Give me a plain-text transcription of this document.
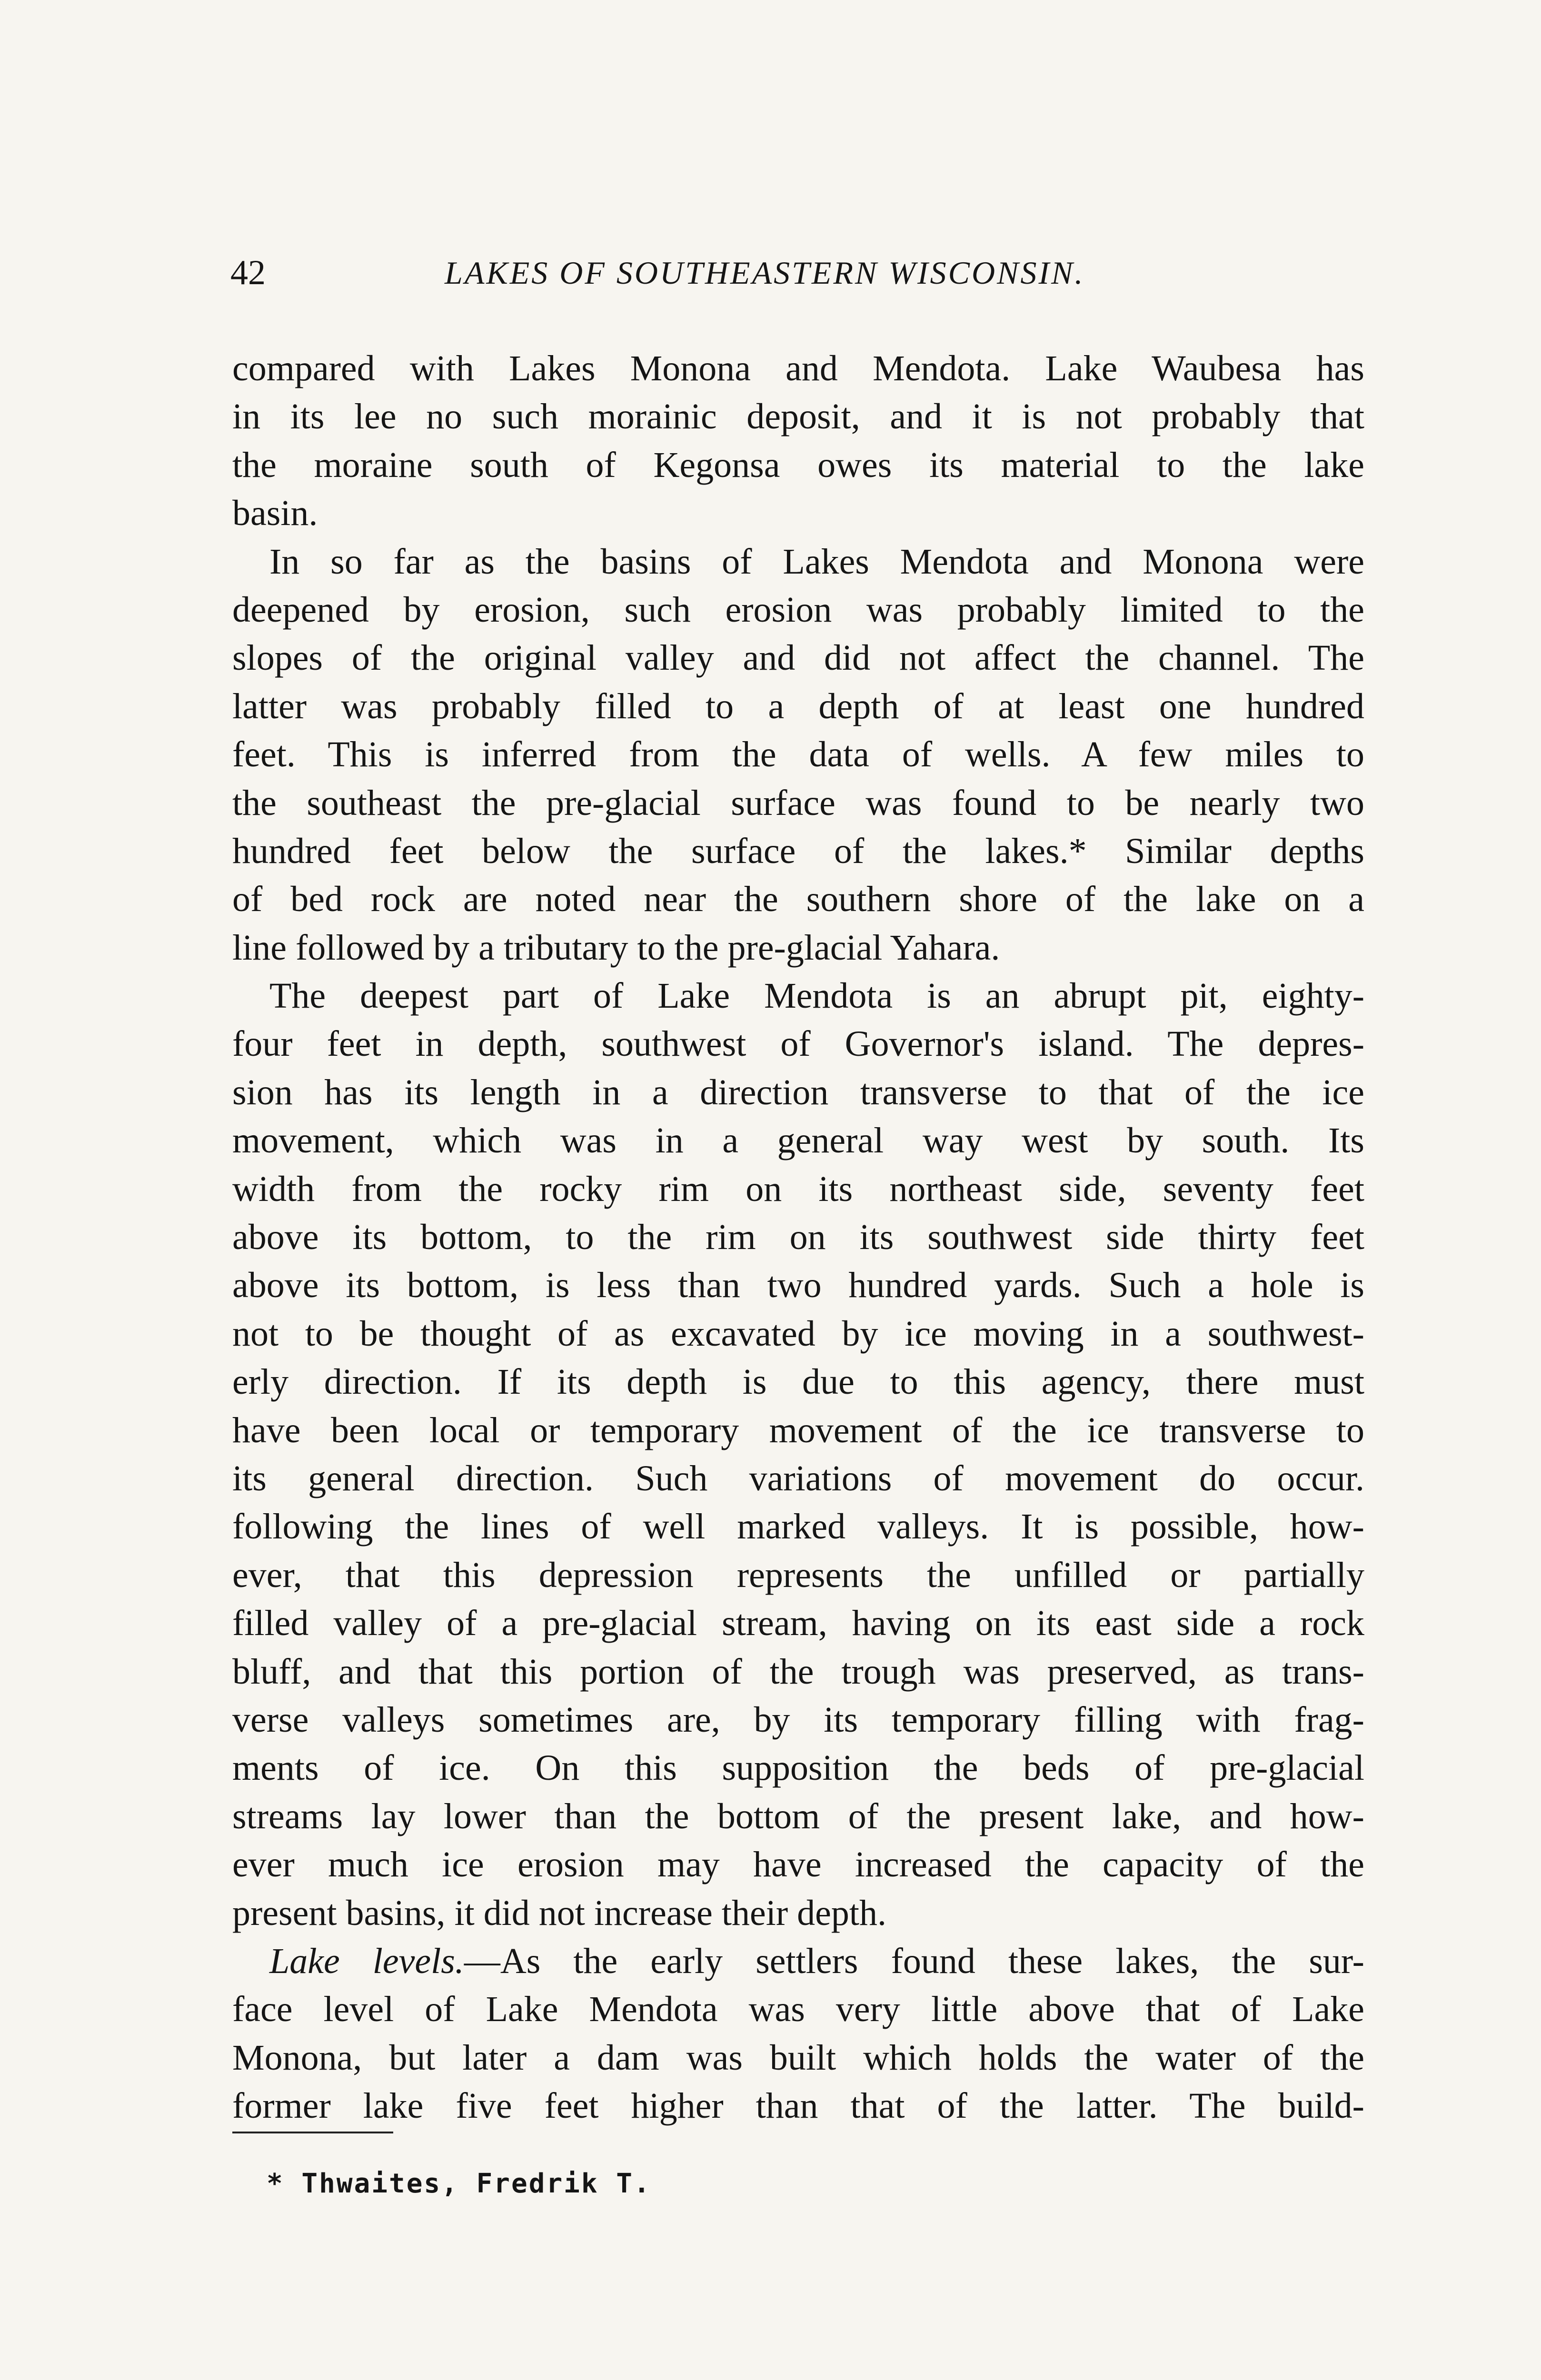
42	LAKES OF SOUTHEASTERN WISCONSIN.
compared with Lakes Monona and Mendota. Lake Waubesa has
in its lee no such morainic deposit, and it is not probably that
the moraine south of Kegonsa owes its material to the lake
basin.
In so far as the basins of Lakes Mendota and Monona were
deepened by erosion, such erosion was probably limited to the
slopes of the original valley and did not affect the channel. The
latter was probably filled to a depth of at least one hundred
feet. This is inferred from the data of wells. A few miles to
the southeast the pre-glacial surface was found to be nearly two
hundred feet below the surface of the lakes.* Similar depths
of bed rock are noted near the southern shore of the lake on a
line followed by a tributary to the pre-glacial Yahara.
The deepest part of Lake Mendota is an abrupt pit, eighty-
four feet in depth, southwest of Governor's island. The depres-
sion has its length in a direction transverse to that of the ice
movement, which was in a general way west by south. Its
width from the rocky rim on its northeast side, seventy feet
above its bottom, to the rim on its southwest side thirty feet
above its bottom, is less than two hundred yards. Such a hole is
not to be thought of as excavated by ice moving in a southwest-
erly direction. If its depth is due to this agency, there must
have been local or temporary movement of the ice transverse to
its general direction. Such variations of movement do occur.
following the lines of well marked valleys. It is possible, how-
ever, that this depression represents the unfilled or partially
filled valley of a pre-glacial stream, having on its east side a rock
bluff, and that this portion of the trough was preserved, as trans-
verse valleys sometimes are, by its temporary filling with frag-
ments of ice. On this supposition the beds of pre-glacial
streams lay lower than the bottom of the present lake, and how-
ever much ice erosion may have increased the capacity of the
present basins, it did not increase their depth.
Lake levels.—As the early settlers found these lakes, the sur-
face level of Lake Mendota was very little above that of Lake
Monona, but later a dam was built which holds the water of the
former lake five feet higher than that of the latter. The build-
* Thwaites, Fredrik T.
